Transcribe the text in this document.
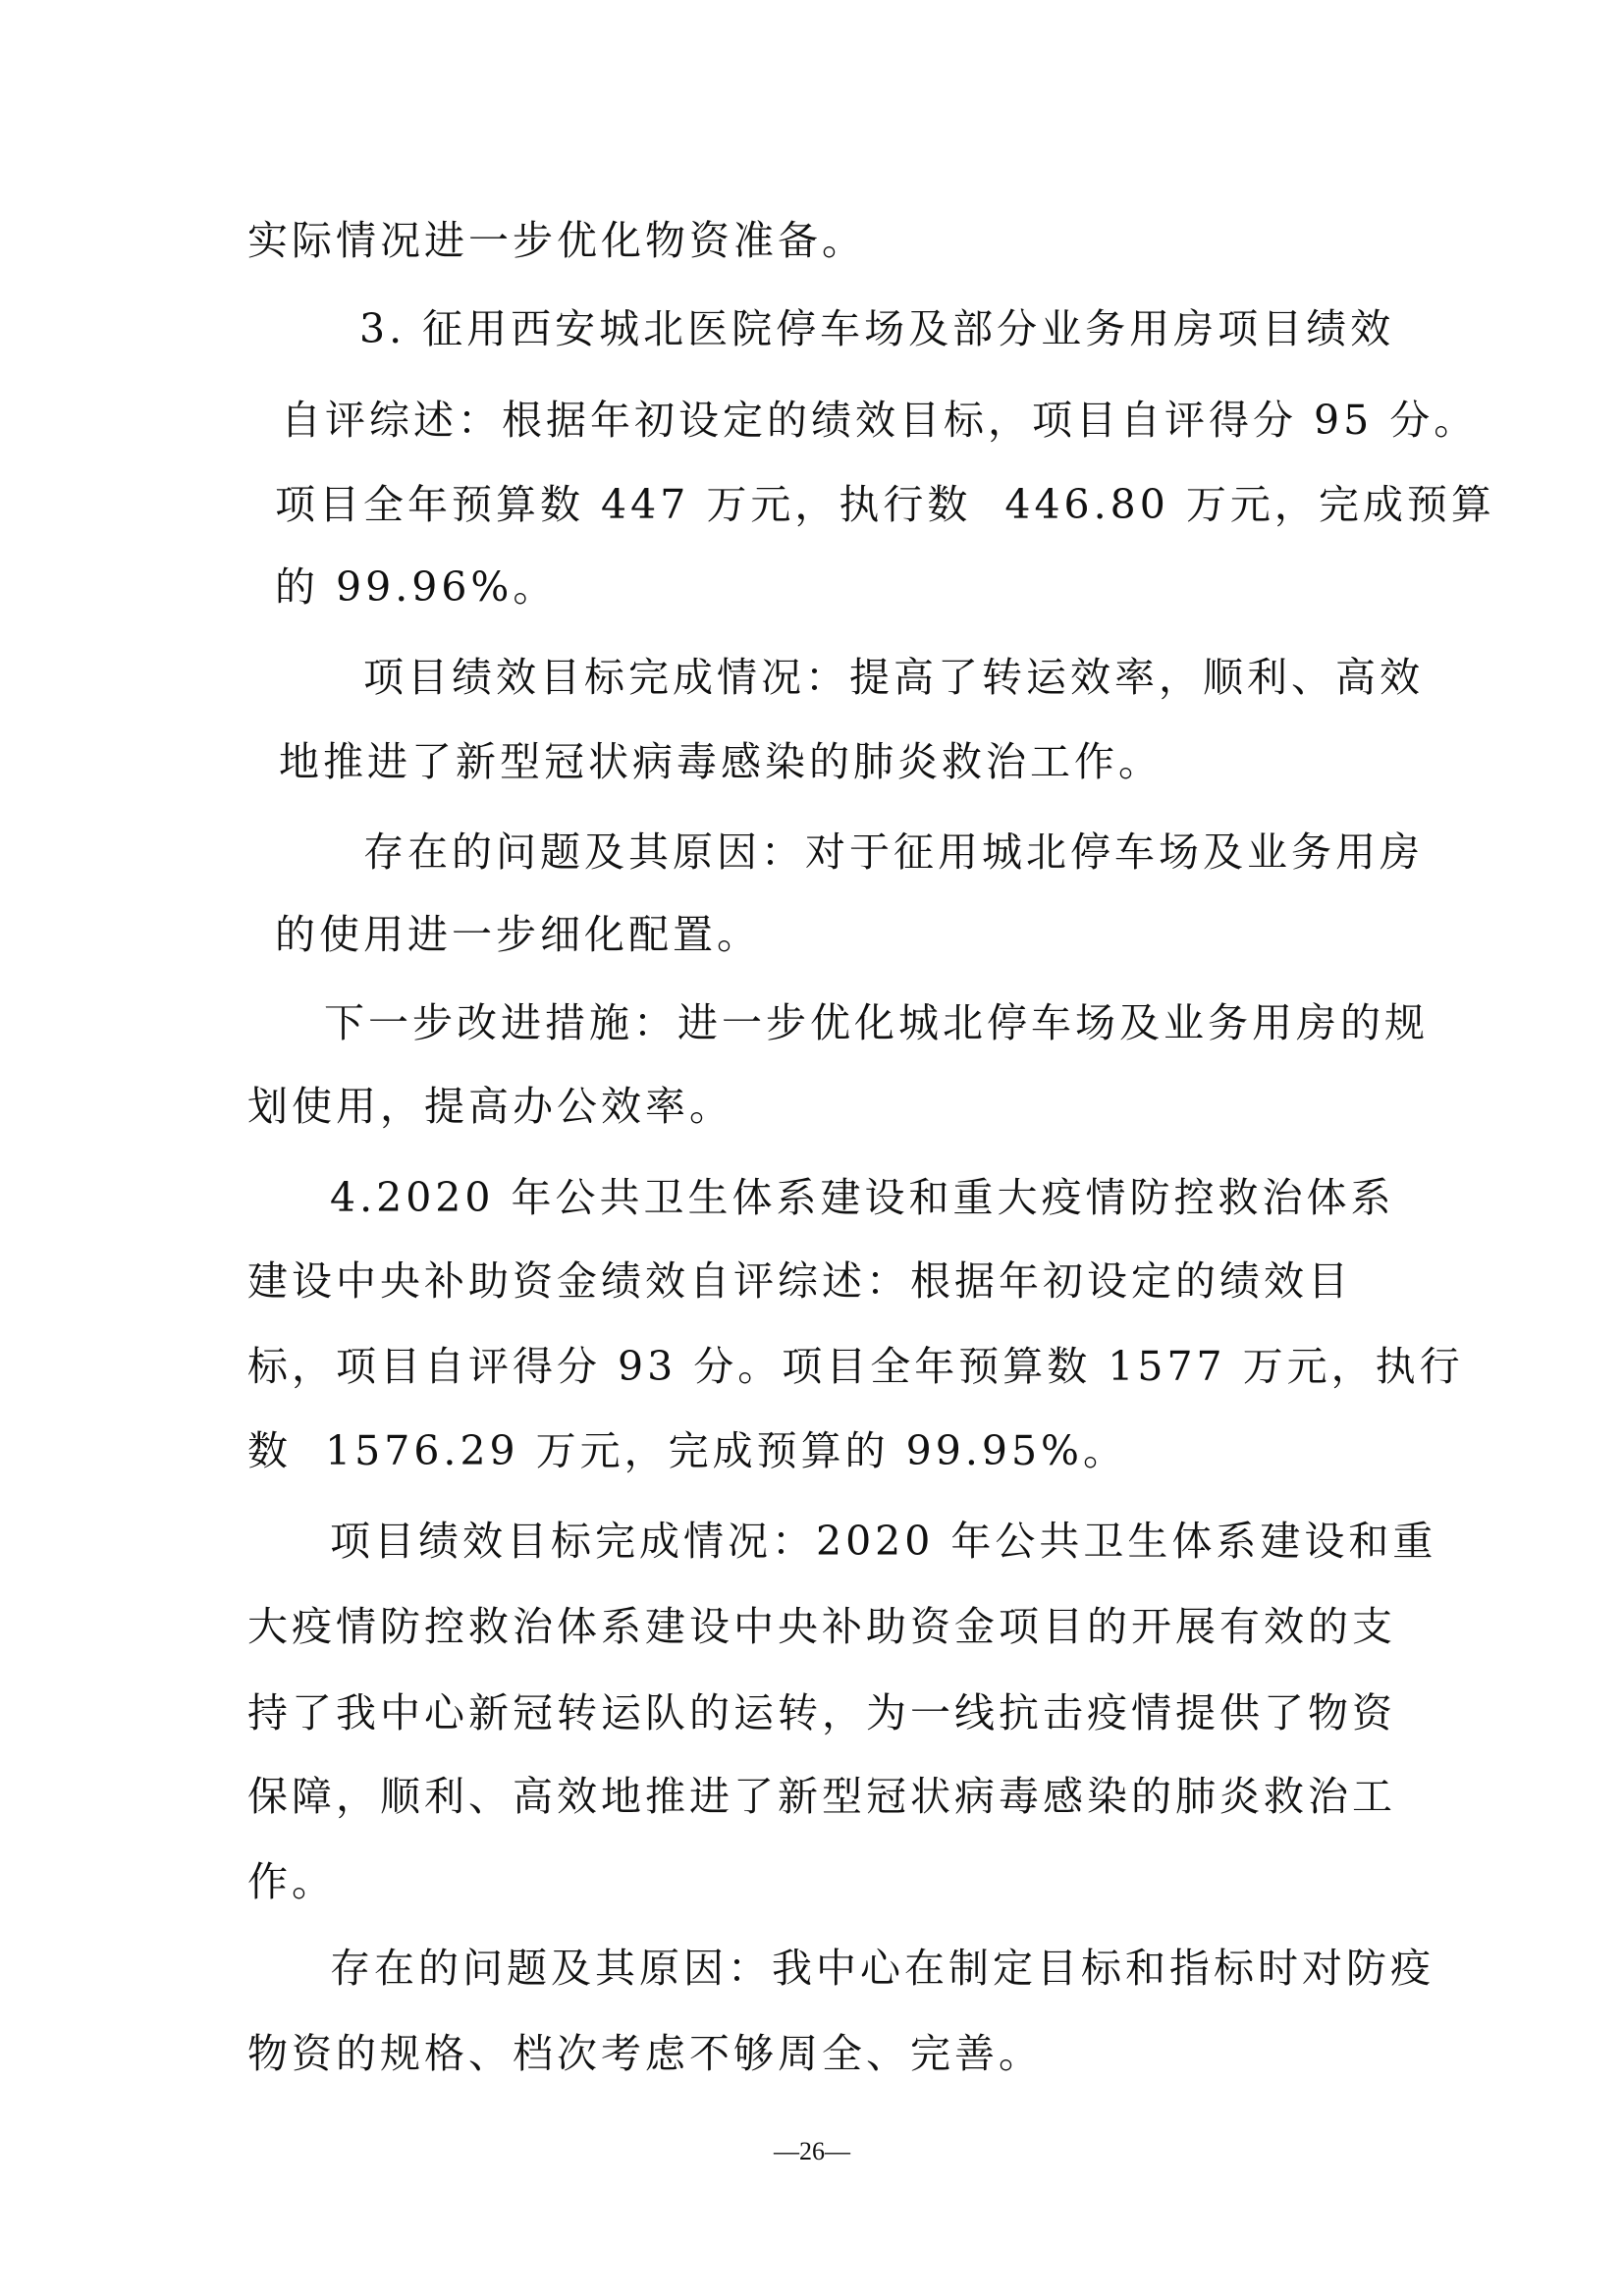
实际情况进一步优化物资准备。

3. 征用西安城北医院停车场及部分业务用房项目绩效

自评综述：根据年初设定的绩效目标，项目自评得分 95 分。

项目全年预算数 447 万元，执行数  446.80 万元，完成预算

的 99.96%。

项目绩效目标完成情况：提高了转运效率，顺利、高效

地推进了新型冠状病毒感染的肺炎救治工作。

存在的问题及其原因：对于征用城北停车场及业务用房

的使用进一步细化配置。

下一步改进措施：进一步优化城北停车场及业务用房的规

划使用，提高办公效率。

4.2020 年公共卫生体系建设和重大疫情防控救治体系

建设中央补助资金绩效自评综述：根据年初设定的绩效目

标，项目自评得分 93 分。项目全年预算数 1577 万元，执行

数  1576.29 万元，完成预算的 99.95%。

项目绩效目标完成情况：2020 年公共卫生体系建设和重

大疫情防控救治体系建设中央补助资金项目的开展有效的支

持了我中心新冠转运队的运转，为一线抗击疫情提供了物资

保障，顺利、高效地推进了新型冠状病毒感染的肺炎救治工

作。

存在的问题及其原因：我中心在制定目标和指标时对防疫

物资的规格、档次考虑不够周全、完善。

—26—
